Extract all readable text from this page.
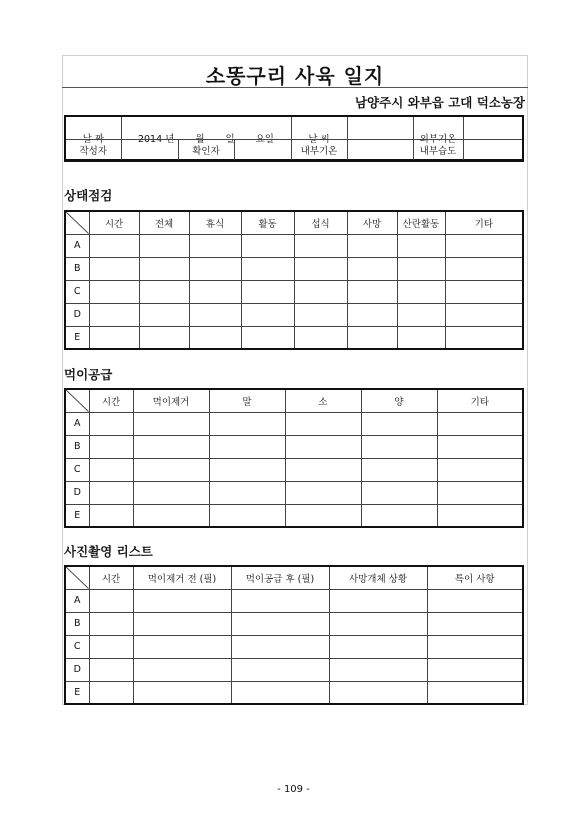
소똥구리 사육 일지
남양주시 와부읍 고대 덕소농장
날 짜	2014 년 월 일 요일	날 씨		외부기온	
작성자		확인자		내부기온		내부습도	
상태점검
	시간	전체	휴식	활동	섭식	사망	산란활동	기타
A								
B								
C								
D								
E								
먹이공급
	시간	먹이제거	말	소	양	기타
A						
B						
C						
D						
E						
사진촬영 리스트
	시간	먹이제거 전 (필)	먹이공급 후 (필)	사망개체 상황	특이 사항
A					
B					
C					
D					
E					
- 109 -
